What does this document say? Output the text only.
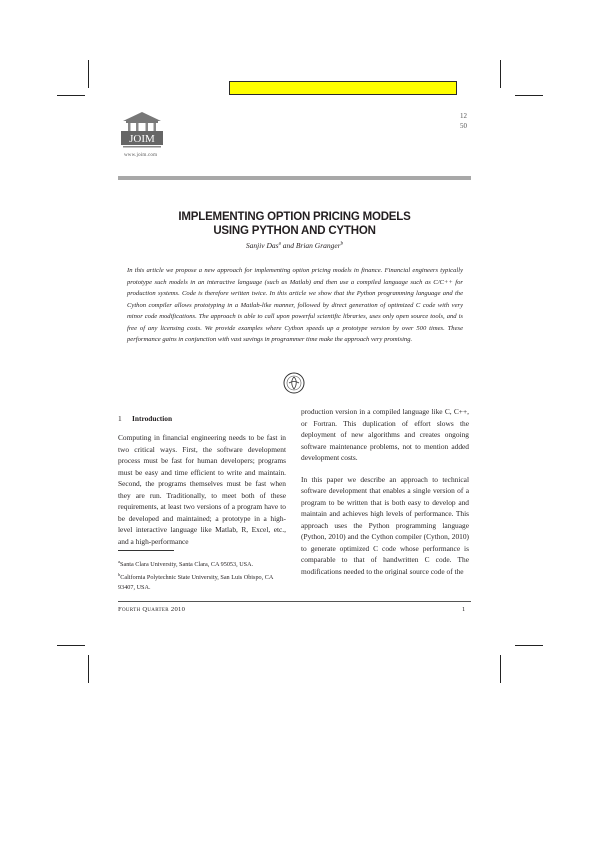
12
50
JOIM
www.joim.com
IMPLEMENTING OPTION PRICING MODELS
USING PYTHON AND CYTHON
Sanjiv Das$^a$ and Brian Granger$^b$

In this article we propose a new approach for implementing option pricing models in finance. Financial engineers typically prototype such models in an interactive language (such as Matlab) and then use a compiled language such as C/C++ for production systems. Code is therefore written twice. In this article we show that the Python programming language and the Cython compiler allows prototyping in a Matlab-like manner, followed by direct generation of optimized C code with very minor code modifications. The approach is able to call upon powerful scientific libraries, uses only open source tools, and is free of any licensing costs. We provide examples where Cython speeds up a prototype version by over 500 times. These performance gains in conjunction with vast savings in programmer time make the approach very promising.

1 Introduction

Computing in financial engineering needs to be fast in two critical ways. First, the software development process must be fast for human developers; programs must be easy and time efficient to write and maintain. Second, the programs themselves must be fast when they are run. Traditionally, to meet both of these requirements, at least two versions of a program have to be developed and maintained; a prototype in a high-level interactive language like Matlab, R, Excel, etc., and a high-performance

production version in a compiled language like C, C++, or Fortran. This duplication of effort slows the deployment of new algorithms and creates ongoing software maintenance problems, not to mention added development costs.

In this paper we describe an approach to technical software development that enables a single version of a program to be written that is both easy to develop and maintain and achieves high levels of performance. This approach uses the Python programming language (Python, 2010) and the Cython compiler (Cython, 2010) to generate optimized C code whose performance is comparable to that of handwritten C code. The modifications needed to the original source code of the

$^a$Santa Clara University, Santa Clara, CA 95053, USA.
$^b$California Polytechnic State University, San Luis Obispo, CA 93407, USA.
Fourth Quarter 2010	1
